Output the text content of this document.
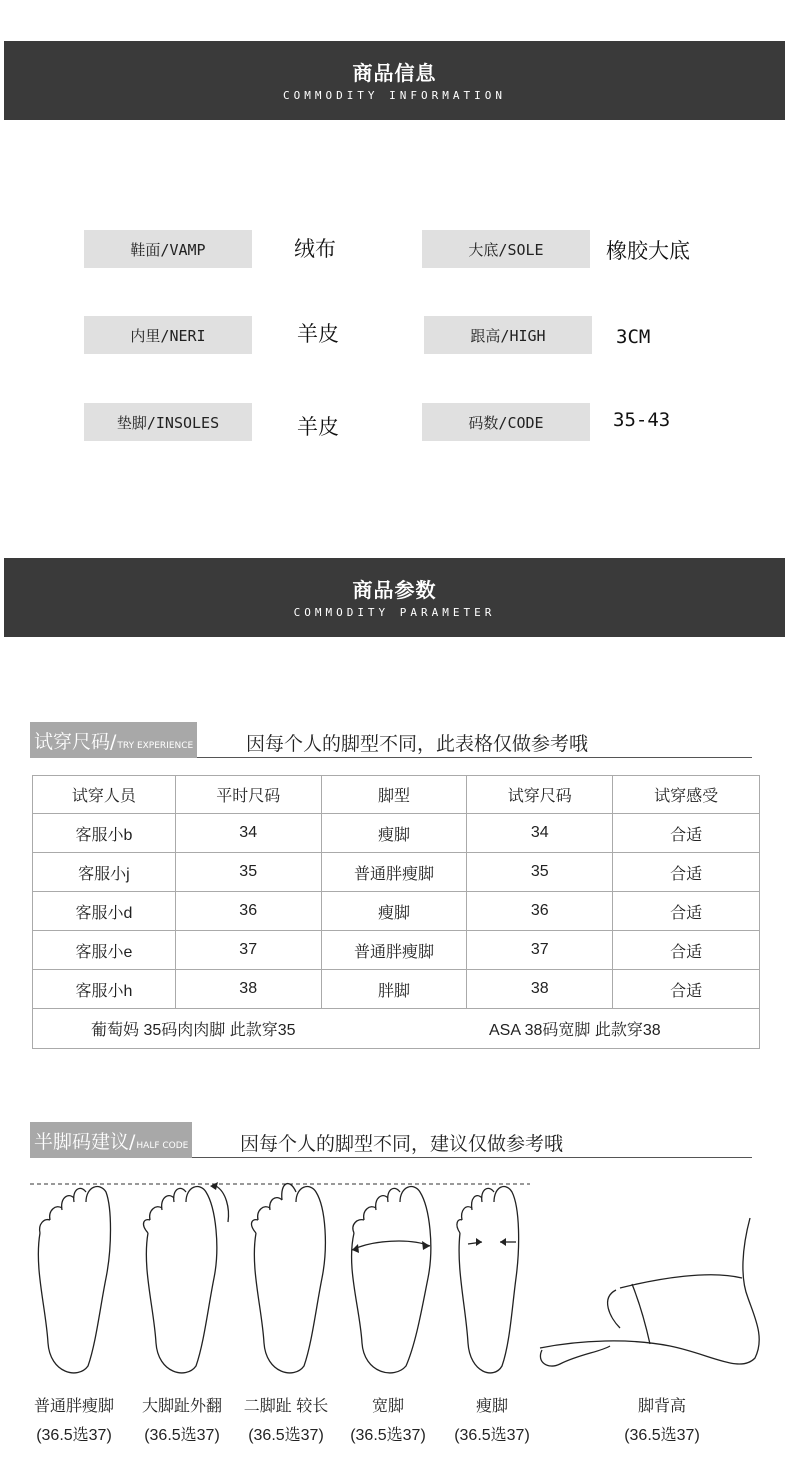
商品信息
COMMODITY INFORMATION
鞋面/VAMP	绒布	大底/SOLE	橡胶大底
内里/NERI	羊皮	跟高/HIGH	3CM
垫脚/INSOLES	羊皮	码数/CODE	35-43
商品参数
COMMODITY PARAMETER
试穿尺码/ TRY EXPERIENCE	因每个人的脚型不同，此表格仅做参考哦
试穿人员	平时尺码	脚型	试穿尺码	试穿感受
客服小b	34	瘦脚	34	合适
客服小j	35	普通胖瘦脚	35	合适
客服小d	36	瘦脚	36	合适
客服小e	37	普通胖瘦脚	37	合适
客服小h	38	胖脚	38	合适
葡萄妈 35码肉肉脚 此款穿35 ASA 38码宽脚 此款穿38				
半脚码建议/ HALF CODE	因每个人的脚型不同，建议仅做参考哦
普通胖瘦脚	大脚趾外翻	二脚趾 较长	宽脚	瘦脚	脚背高
(36.5选37)	(36.5选37)	(36.5选37)	(36.5选37)	(36.5选37)	(36.5选37)
